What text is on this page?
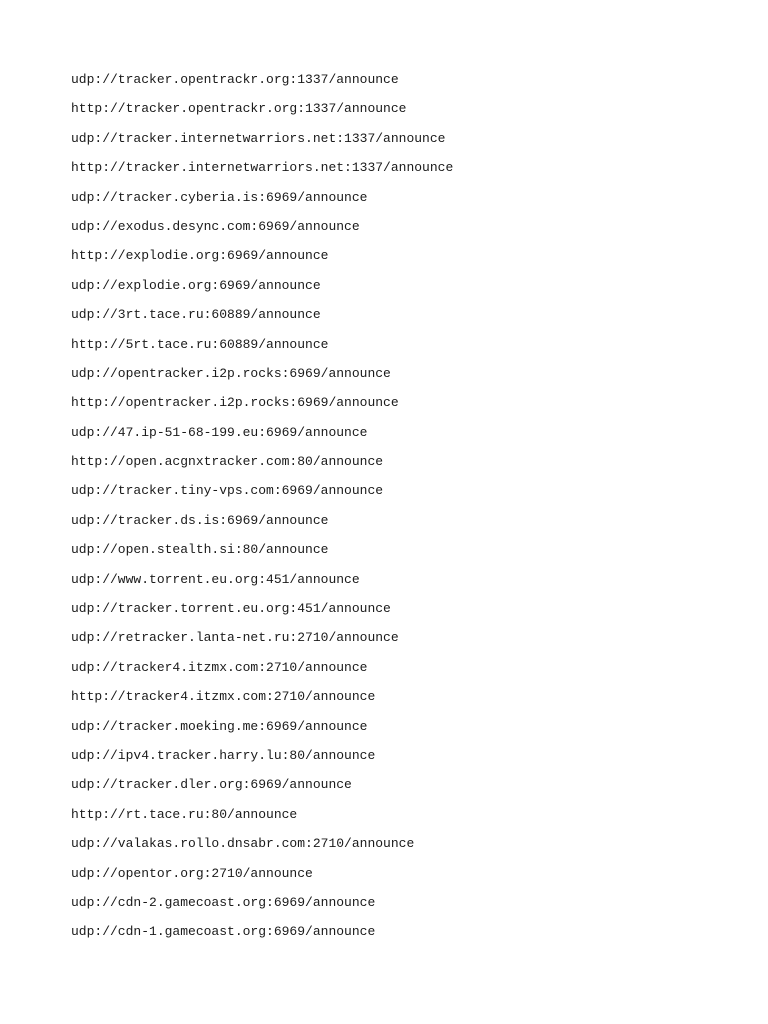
udp://tracker.opentrackr.org:1337/announce
http://tracker.opentrackr.org:1337/announce
udp://tracker.internetwarriors.net:1337/announce
http://tracker.internetwarriors.net:1337/announce
udp://tracker.cyberia.is:6969/announce
udp://exodus.desync.com:6969/announce
http://explodie.org:6969/announce
udp://explodie.org:6969/announce
udp://3rt.tace.ru:60889/announce
http://5rt.tace.ru:60889/announce
udp://opentracker.i2p.rocks:6969/announce
http://opentracker.i2p.rocks:6969/announce
udp://47.ip-51-68-199.eu:6969/announce
http://open.acgnxtracker.com:80/announce
udp://tracker.tiny-vps.com:6969/announce
udp://tracker.ds.is:6969/announce
udp://open.stealth.si:80/announce
udp://www.torrent.eu.org:451/announce
udp://tracker.torrent.eu.org:451/announce
udp://retracker.lanta-net.ru:2710/announce
udp://tracker4.itzmx.com:2710/announce
http://tracker4.itzmx.com:2710/announce
udp://tracker.moeking.me:6969/announce
udp://ipv4.tracker.harry.lu:80/announce
udp://tracker.dler.org:6969/announce
http://rt.tace.ru:80/announce
udp://valakas.rollo.dnsabr.com:2710/announce
udp://opentor.org:2710/announce
udp://cdn-2.gamecoast.org:6969/announce
udp://cdn-1.gamecoast.org:6969/announce
